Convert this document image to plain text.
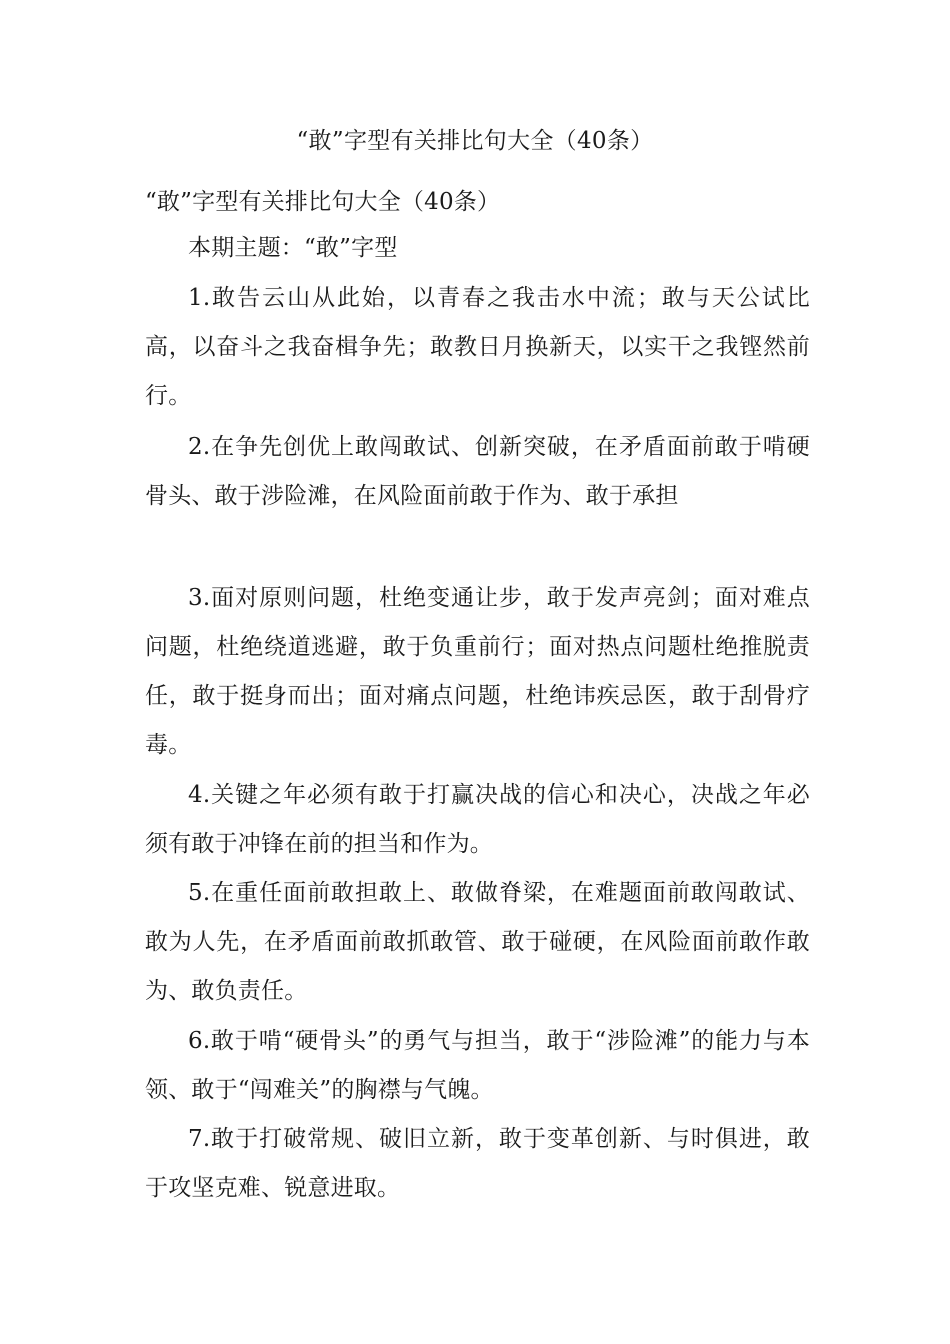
“敢”字型有关排比句大全（40条）
“敢”字型有关排比句大全（40条）
本期主题：“敢”字型
1.敢告云山从此始，以青春之我击水中流；敢与天公试比高，以奋斗之我奋楫争先；敢教日月换新天，以实干之我铿然前行。
2.在争先创优上敢闯敢试、创新突破，在矛盾面前敢于啃硬骨头、敢于涉险滩，在风险面前敢于作为、敢于承担
3.面对原则问题，杜绝变通让步，敢于发声亮剑；面对难点问题，杜绝绕道逃避，敢于负重前行；面对热点问题杜绝推脱责任，敢于挺身而出；面对痛点问题，杜绝讳疾忌医，敢于刮骨疗毒。
4.关键之年必须有敢于打赢决战的信心和决心，决战之年必须有敢于冲锋在前的担当和作为。
5.在重任面前敢担敢上、敢做脊梁，在难题面前敢闯敢试、敢为人先，在矛盾面前敢抓敢管、敢于碰硬，在风险面前敢作敢为、敢负责任。
6.敢于啃“硬骨头”的勇气与担当，敢于“涉险滩”的能力与本领、敢于“闯难关”的胸襟与气魄。
7.敢于打破常规、破旧立新，敢于变革创新、与时俱进，敢于攻坚克难、锐意进取。
